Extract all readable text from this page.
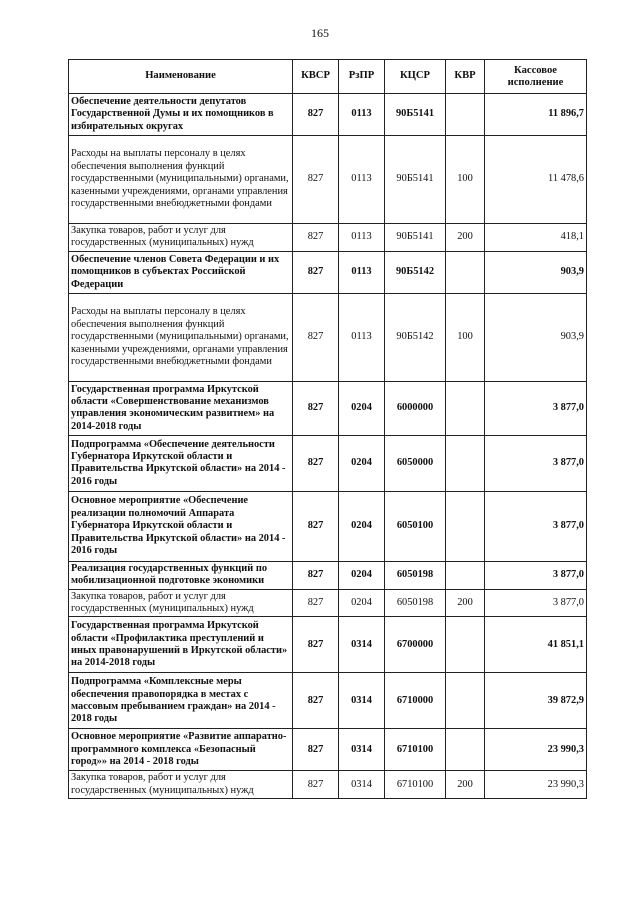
165
Наименование	КВСР	РзПР	КЦСР	КВР	Кассовое исполнение
Обеспечение деятельности депутатов Государственной Думы и их помощников в избирательных округах	827	0113	90Б5141		11 896,7
Расходы на выплаты персоналу в целях обеспечения выполнения функций государственными (муниципальными) органами, казенными учреждениями, органами управления государственными внебюджетными фондами	827	0113	90Б5141	100	11 478,6
Закупка товаров, работ и услуг для государственных (муниципальных) нужд	827	0113	90Б5141	200	418,1
Обеспечение членов Совета Федерации и их помощников в субъектах Российской Федерации	827	0113	90Б5142		903,9
Расходы на выплаты персоналу в целях обеспечения выполнения функций государственными (муниципальными) органами, казенными учреждениями, органами управления государственными внебюджетными фондами	827	0113	90Б5142	100	903,9
Государственная программа Иркутской области «Совершенствование механизмов управления экономическим развитием» на 2014-2018 годы	827	0204	6000000		3 877,0
Подпрограмма «Обеспечение деятельности Губернатора Иркутской области и Правительства Иркутской области» на 2014 - 2016 годы	827	0204	6050000		3 877,0
Основное мероприятие «Обеспечение реализации полномочий Аппарата Губернатора Иркутской области и Правительства Иркутской области» на 2014 - 2016 годы	827	0204	6050100		3 877,0
Реализация государственных функций по мобилизационной подготовке экономики	827	0204	6050198		3 877,0
Закупка товаров, работ и услуг для государственных (муниципальных) нужд	827	0204	6050198	200	3 877,0
Государственная программа Иркутской области «Профилактика преступлений и иных правонарушений в Иркутской области» на 2014-2018 годы	827	0314	6700000		41 851,1
Подпрограмма «Комплексные меры обеспечения правопорядка в местах с массовым пребыванием граждан» на 2014 - 2018 годы	827	0314	6710000		39 872,9
Основное мероприятие «Развитие аппаратно-программного комплекса «Безопасный город»» на 2014 - 2018 годы	827	0314	6710100		23 990,3
Закупка товаров, работ и услуг для государственных (муниципальных) нужд	827	0314	6710100	200	23 990,3
